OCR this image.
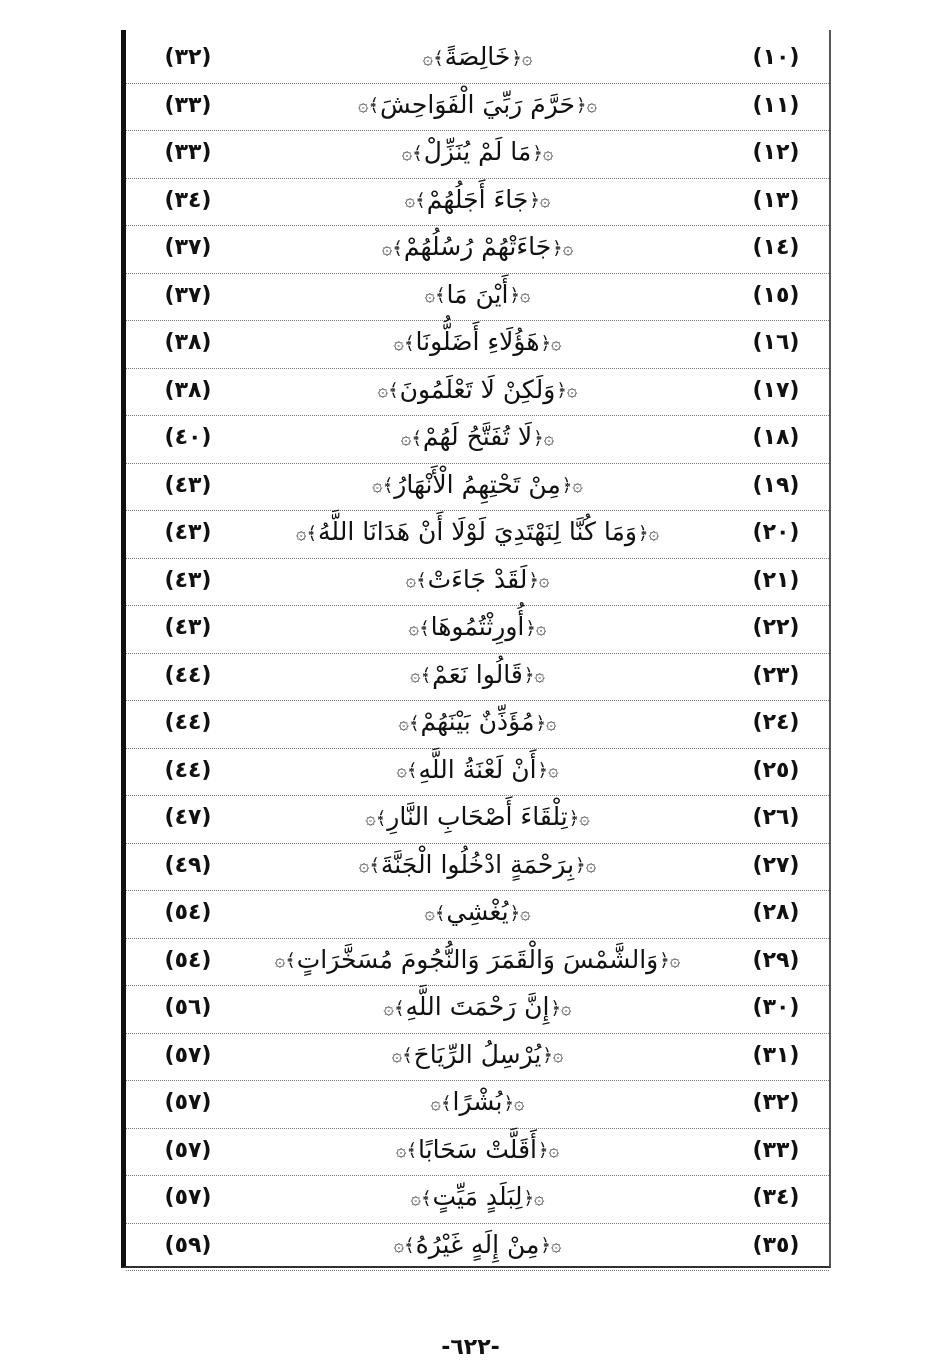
(٣٢)	۞﴿خَالِصَةً﴾۞	(١٠)
(٣٣)	۞﴿حَرَّمَ رَبِّيَ الْفَوَاحِشَ﴾۞	(١١)
(٣٣)	۞﴿مَا لَمْ يُنَزِّلْ﴾۞	(١٢)
(٣٤)	۞﴿جَاءَ أَجَلُهُمْ﴾۞	(١٣)
(٣٧)	۞﴿جَاءَتْهُمْ رُسُلُهُمْ﴾۞	(١٤)
(٣٧)	۞﴿أَيْنَ مَا﴾۞	(١٥)
(٣٨)	۞﴿هَؤُلَاءِ أَضَلُّونَا﴾۞	(١٦)
(٣٨)	۞﴿وَلَكِنْ لَا تَعْلَمُونَ﴾۞	(١٧)
(٤٠)	۞﴿لَا تُفَتَّحُ لَهُمْ﴾۞	(١٨)
(٤٣)	۞﴿مِنْ تَحْتِهِمُ الْأَنْهَارُ﴾۞	(١٩)
(٤٣)	۞﴿وَمَا كُنَّا لِنَهْتَدِيَ لَوْلَا أَنْ هَدَانَا اللَّهُ﴾۞	(٢٠)
(٤٣)	۞﴿لَقَدْ جَاءَتْ﴾۞	(٢١)
(٤٣)	۞﴿أُورِثْتُمُوهَا﴾۞	(٢٢)
(٤٤)	۞﴿قَالُوا نَعَمْ﴾۞	(٢٣)
(٤٤)	۞﴿مُؤَذِّنٌ بَيْنَهُمْ﴾۞	(٢٤)
(٤٤)	۞﴿أَنْ لَعْنَةُ اللَّهِ﴾۞	(٢٥)
(٤٧)	۞﴿تِلْقَاءَ أَصْحَابِ النَّارِ﴾۞	(٢٦)
(٤٩)	۞﴿بِرَحْمَةٍ ادْخُلُوا الْجَنَّةَ﴾۞	(٢٧)
(٥٤)	۞﴿يُغْشِي﴾۞	(٢٨)
(٥٤)	۞﴿وَالشَّمْسَ وَالْقَمَرَ وَالنُّجُومَ مُسَخَّرَاتٍ﴾۞	(٢٩)
(٥٦)	۞﴿إِنَّ رَحْمَتَ اللَّهِ﴾۞	(٣٠)
(٥٧)	۞﴿يُرْسِلُ الرِّيَاحَ﴾۞	(٣١)
(٥٧)	۞﴿بُشْرًا﴾۞	(٣٢)
(٥٧)	۞﴿أَقَلَّتْ سَحَابًا﴾۞	(٣٣)
(٥٧)	۞﴿لِبَلَدٍ مَيِّتٍ﴾۞	(٣٤)
(٥٩)	۞﴿مِنْ إِلَهٍ غَيْرُهُ﴾۞	(٣٥)
-٦٢٢-
